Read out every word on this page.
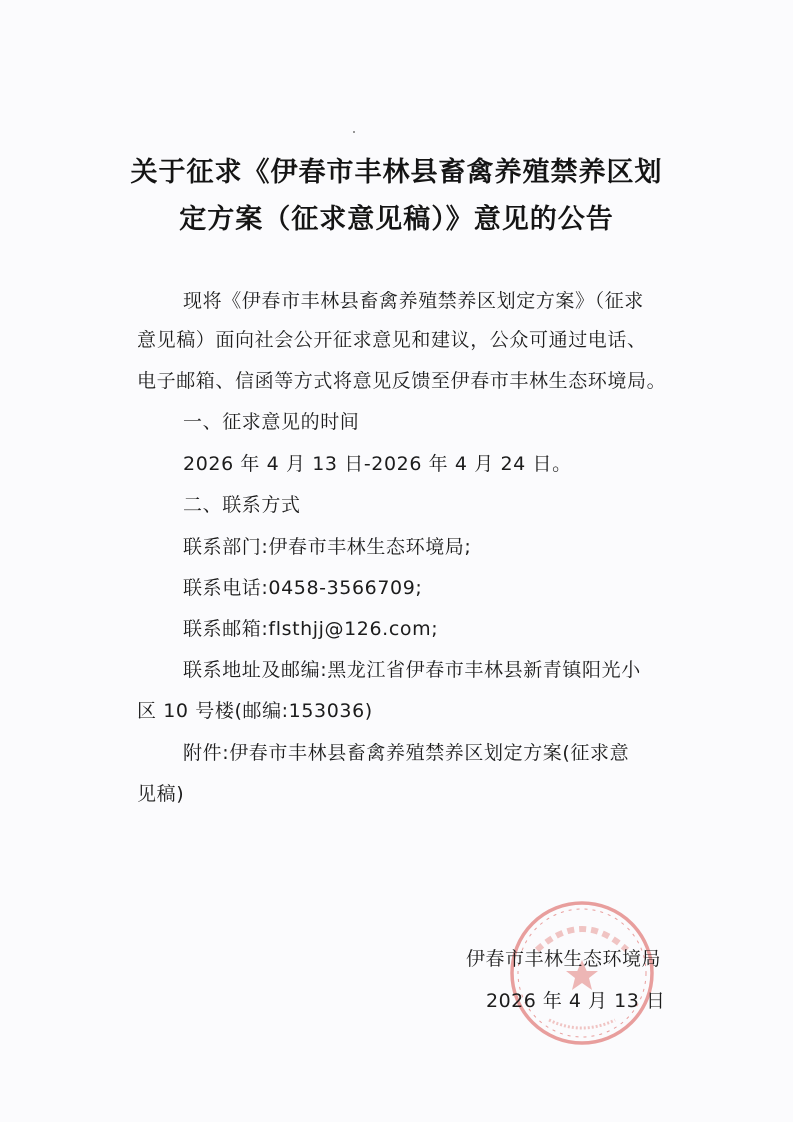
关于征求《伊春市丰林县畜禽养殖禁养区划
定方案（征求意见稿）》意见的公告
现将《伊春市丰林县畜禽养殖禁养区划定方案》（征求
意见稿）面向社会公开征求意见和建议，公众可通过电话、
电子邮箱、信函等方式将意见反馈至伊春市丰林生态环境局。
一、征求意见的时间
2026 年 4 月 13 日-2026 年 4 月 24 日。
二、联系方式
联系部门:伊春市丰林生态环境局;
联系电话:0458-3566709;
联系邮箱:flsthjj@126.com;
联系地址及邮编:黑龙江省伊春市丰林县新青镇阳光小
区 10 号楼(邮编:153036)
附件:伊春市丰林县畜禽养殖禁养区划定方案(征求意
见稿)
伊春市丰林生态环境局
2026 年 4 月 13 日
